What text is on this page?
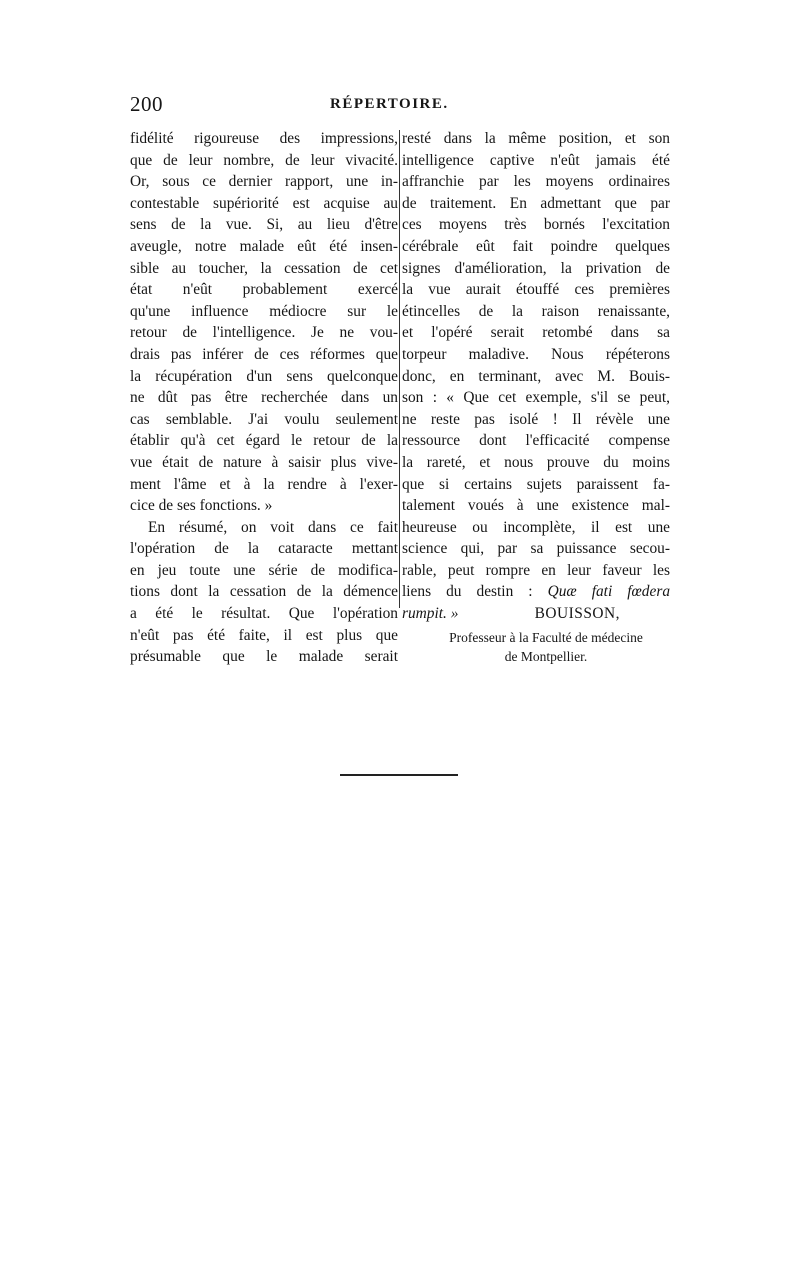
200	RÉPERTOIRE.
fidélité rigoureuse des impressions,
que de leur nombre, de leur vivacité.
Or, sous ce dernier rapport, une in-
contestable supériorité est acquise au
sens de la vue. Si, au lieu d'être
aveugle, notre malade eût été insen-
sible au toucher, la cessation de cet
état n'eût probablement exercé
qu'une influence médiocre sur le
retour de l'intelligence. Je ne vou-
drais pas inférer de ces réformes que
la récupération d'un sens quelconque
ne dût pas être recherchée dans un
cas semblable. J'ai voulu seulement
établir qu'à cet égard le retour de la
vue était de nature à saisir plus vive-
ment l'âme et à la rendre à l'exer-
cice de ses fonctions. »
En résumé, on voit dans ce fait
l'opération de la cataracte mettant
en jeu toute une série de modifica-
tions dont la cessation de la démence
a été le résultat. Que l'opération
n'eût pas été faite, il est plus que
présumable que le malade serait
resté dans la même position, et son
intelligence captive n'eût jamais été
affranchie par les moyens ordinaires
de traitement. En admettant que par
ces moyens très bornés l'excitation
cérébrale eût fait poindre quelques
signes d'amélioration, la privation de
la vue aurait étouffé ces premières
étincelles de la raison renaissante,
et l'opéré serait retombé dans sa
torpeur maladive. Nous répéterons
donc, en terminant, avec M. Bouis-
son : « Que cet exemple, s'il se peut,
ne reste pas isolé ! Il révèle une
ressource dont l'efficacité compense
la rareté, et nous prouve du moins
que si certains sujets paraissent fa-
talement voués à une existence mal-
heureuse ou incomplète, il est une
science qui, par sa puissance secou-
rable, peut rompre en leur faveur les
liens du destin : Quæ fati fœdera
rumpit. »	BOUISSON,
Professeur à la Faculté de médecine
de Montpellier.
